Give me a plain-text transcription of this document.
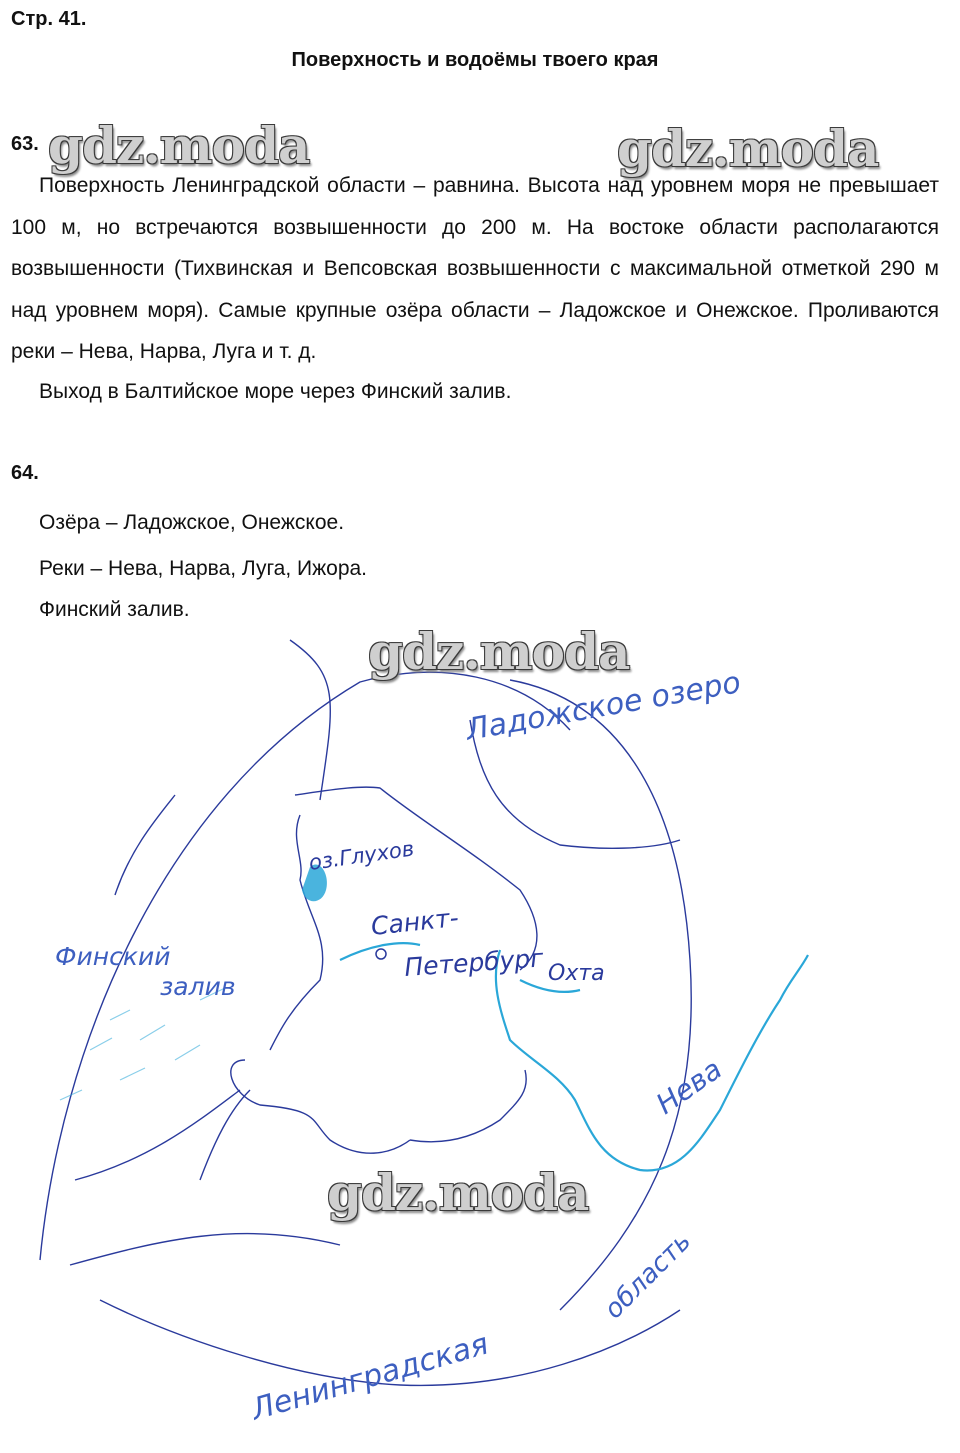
Стр. 41.
Поверхность и водоёмы твоего края
63. gdz.moda	gdz.moda

Поверхность Ленинградской области – равнина. Высота над уровнем моря не превышает 100 м, но встречаются возвышенности до 200 м. На востоке области располагаются возвышенности (Тихвинская и Вепсовская возвышенности с максимальной отметкой 290 м над уровнем моря). Самые крупные озёра области – Ладожское и Онежское. Проливаются реки – Нева, Нарва, Луга и т. д.

Выход в Балтийское море через Финский залив.

64.

Озёра – Ладожское, Онежское.

Реки – Нева, Нарва, Луга, Ижора.

Финский залив.

Ладожское озеро
оз.Глухов
Санкт-
Петербург Охта
Финский
залив
Нева
Ленинградская
область
gdz.moda
gdz.moda
